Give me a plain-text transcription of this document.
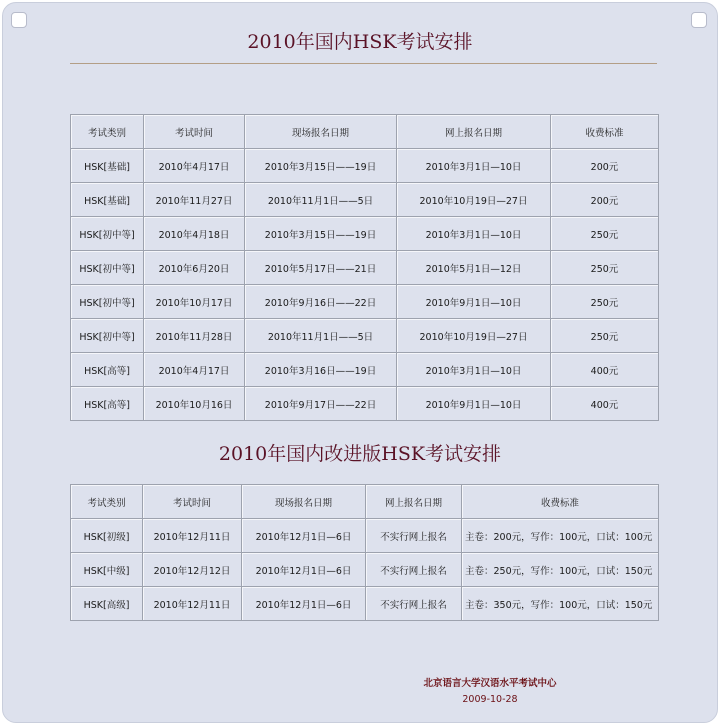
2010年国内HSK考试安排
考试类别	考试时间	现场报名日期	网上报名日期	收费标准
HSK[基础]	2010年4月17日	2010年3月15日——19日	2010年3月1日—10日	200元
HSK[基础]	2010年11月27日	2010年11月1日——5日	2010年10月19日—27日	200元
HSK[初中等]	2010年4月18日	2010年3月15日——19日	2010年3月1日—10日	250元
HSK[初中等]	2010年6月20日	2010年5月17日——21日	2010年5月1日—12日	250元
HSK[初中等]	2010年10月17日	2010年9月16日——22日	2010年9月1日—10日	250元
HSK[初中等]	2010年11月28日	2010年11月1日——5日	2010年10月19日—27日	250元
HSK[高等]	2010年4月17日	2010年3月16日——19日	2010年3月1日—10日	400元
HSK[高等]	2010年10月16日	2010年9月17日——22日	2010年9月1日—10日	400元
2010年国内改进版HSK考试安排
考试类别	考试时间	现场报名日期	网上报名日期	收费标准
HSK[初级]	2010年12月11日	2010年12月1日—6日	不实行网上报名	主卷：200元，写作：100元，口试：100元

HSK[中级]	2010年12月12日	2010年12月1日—6日	不实行网上报名	主卷：250元，写作：100元，口试：150元

HSK[高级]	2010年12月11日	2010年12月1日—6日	不实行网上报名	主卷：350元，写作：100元，口试：150元
北京语言大学汉语水平考试中心
2009-10-28
